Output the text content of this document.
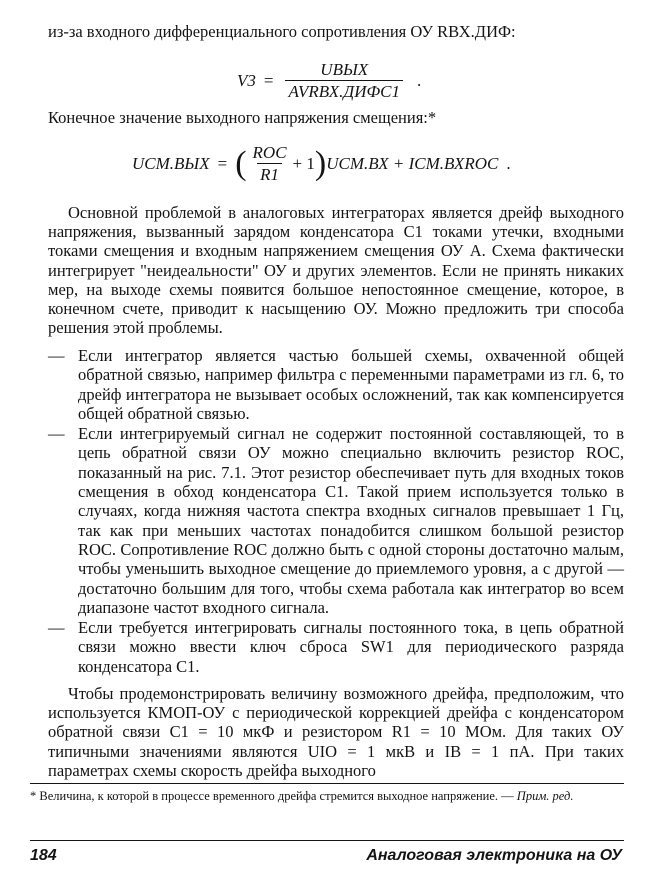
из-за входного дифференциального сопротивления ОУ RВХ.ДИФ:

$V3 = \frac{\text{UВЫХ}}{\text{AVRВХ.ДИФC1}}$ .

Конечное значение выходного напряжения смещения:*

UСМ.ВЫХ = ( $\frac{\text{ROC}}{R1} + 1$ ) UСМ.ВХ + IСМ.ВХROC .

Основной проблемой в аналоговых интеграторах является дрейф выходного напряжения, вызванный зарядом конденсатора C1 токами утечки, входными токами смещения и входным напряжением смещения ОУ A. Схема фактически интегрирует "неидеальности" ОУ и других элементов. Если не принять никаких мер, на выходе схемы появится большое непостоянное смещение, которое, в конечном счете, приводит к насыщению ОУ. Можно предложить три способа решения этой проблемы.

— Если интегратор является частью большей схемы, охваченной общей обратной связью, например фильтра с переменными параметрами из гл. 6, то дрейф интегратора не вызывает особых осложнений, так как компенсируется общей обратной связью.
— Если интегрируемый сигнал не содержит постоянной составляющей, то в цепь обратной связи ОУ можно специально включить резистор ROC, показанный на рис. 7.1. Этот резистор обеспечивает путь для входных токов смещения в обход конденсатора C1. Такой прием используется только в случаях, когда нижняя частота спектра входных сигналов превышает 1 Гц, так как при меньших частотах понадобится слишком большой резистор ROC. Сопротивление ROC должно быть с одной стороны достаточно малым, чтобы уменьшить выходное смещение до приемлемого уровня, а с другой — достаточно большим для того, чтобы схема работала как интегратор во всем диапазоне частот входного сигнала.
— Если требуется интегрировать сигналы постоянного тока, в цепь обратной связи можно ввести ключ сброса SW1 для периодического разряда конденсатора C1.

Чтобы продемонстрировать величину возможного дрейфа, предположим, что используется КМОП-ОУ с периодической коррекцией дрейфа с конденсатором обратной связи C1 = 10 мкФ и резистором R1 = 10 МОм. Для таких ОУ типичными значениями являются UIO = 1 мкВ и IB = 1 пА. При таких параметрах схемы скорость дрейфа выходного

* Величина, к которой в процессе временного дрейфа стремится выходное напряжение. — Прим. ред.
184	Аналоговая электроника на ОУ
